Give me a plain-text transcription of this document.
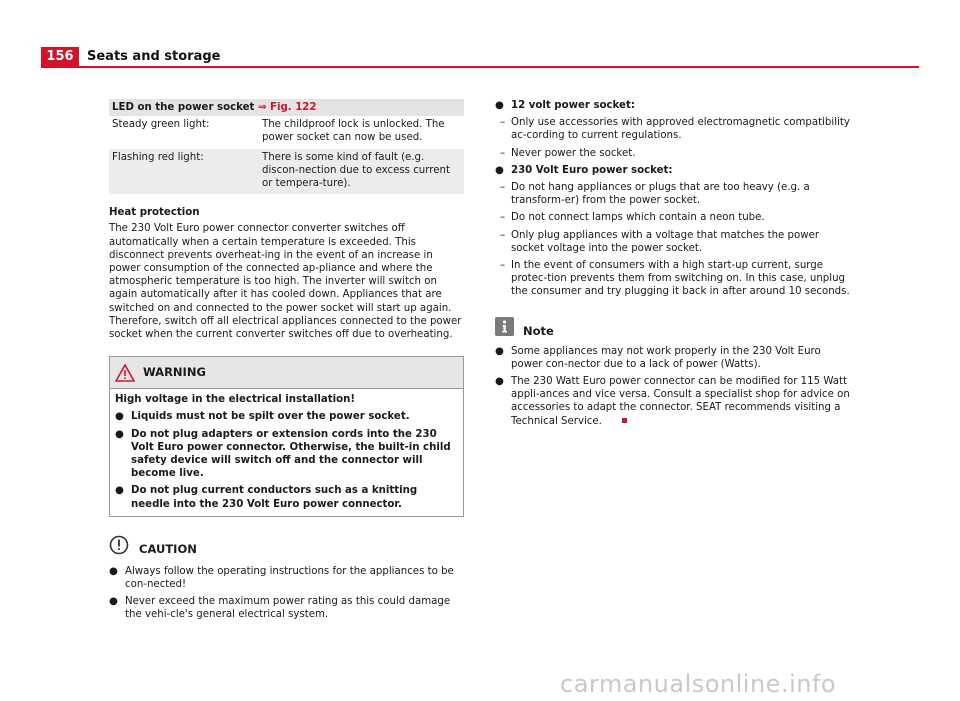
156	Seats and storage
LED on the power socket ⇒ Fig. 122	
Steady green light:	The childproof lock is unlocked. The power socket can now be used.
Flashing red light:	There is some kind of fault (e.g. discon-nection due to excess current or tempera-ture).
Heat protection

The 230 Volt Euro power connector converter switches off automatically when a certain temperature is exceeded. This disconnect prevents overheat-ing in the event of an increase in power consumption of the connected ap-pliance and where the atmospheric temperature is too high. The inverter will switch on again automatically after it has cooled down. Appliances that are switched on and connected to the power socket will start up again. Therefore, switch off all electrical appliances connected to the power socket when the current converter switches off due to overheating.

WARNING

High voltage in the electrical installation!

● Liquids must not be spilt over the power socket.
● Do not plug adapters or extension cords into the 230 Volt Euro power connector. Otherwise, the built-in child safety device will switch off and the connector will become live.
● Do not plug current conductors such as a knitting needle into the 230 Volt Euro power connector.
CAUTION
● Always follow the operating instructions for the appliances to be con-nected!
● Never exceed the maximum power rating as this could damage the vehi-cle's general electrical system.
● 12 volt power socket:
– Only use accessories with approved electromagnetic compatibility ac-cording to current regulations.
– Never power the socket.
● 230 Volt Euro power socket:
– Do not hang appliances or plugs that are too heavy (e.g. a transform-er) from the power socket.
– Do not connect lamps which contain a neon tube.
– Only plug appliances with a voltage that matches the power socket voltage into the power socket.
– In the event of consumers with a high start-up current, surge protec-tion prevents them from switching on. In this case, unplug the consumer and try plugging it back in after around 10 seconds.
Note
● Some appliances may not work properly in the 230 Volt Euro power con-nector due to a lack of power (Watts).
● The 230 Watt Euro power connector can be modified for 115 Watt appli-ances and vice versa. Consult a specialist shop for advice on accessories to adapt the connector. SEAT recommends visiting a Technical Service.
carmanualsonline.info
